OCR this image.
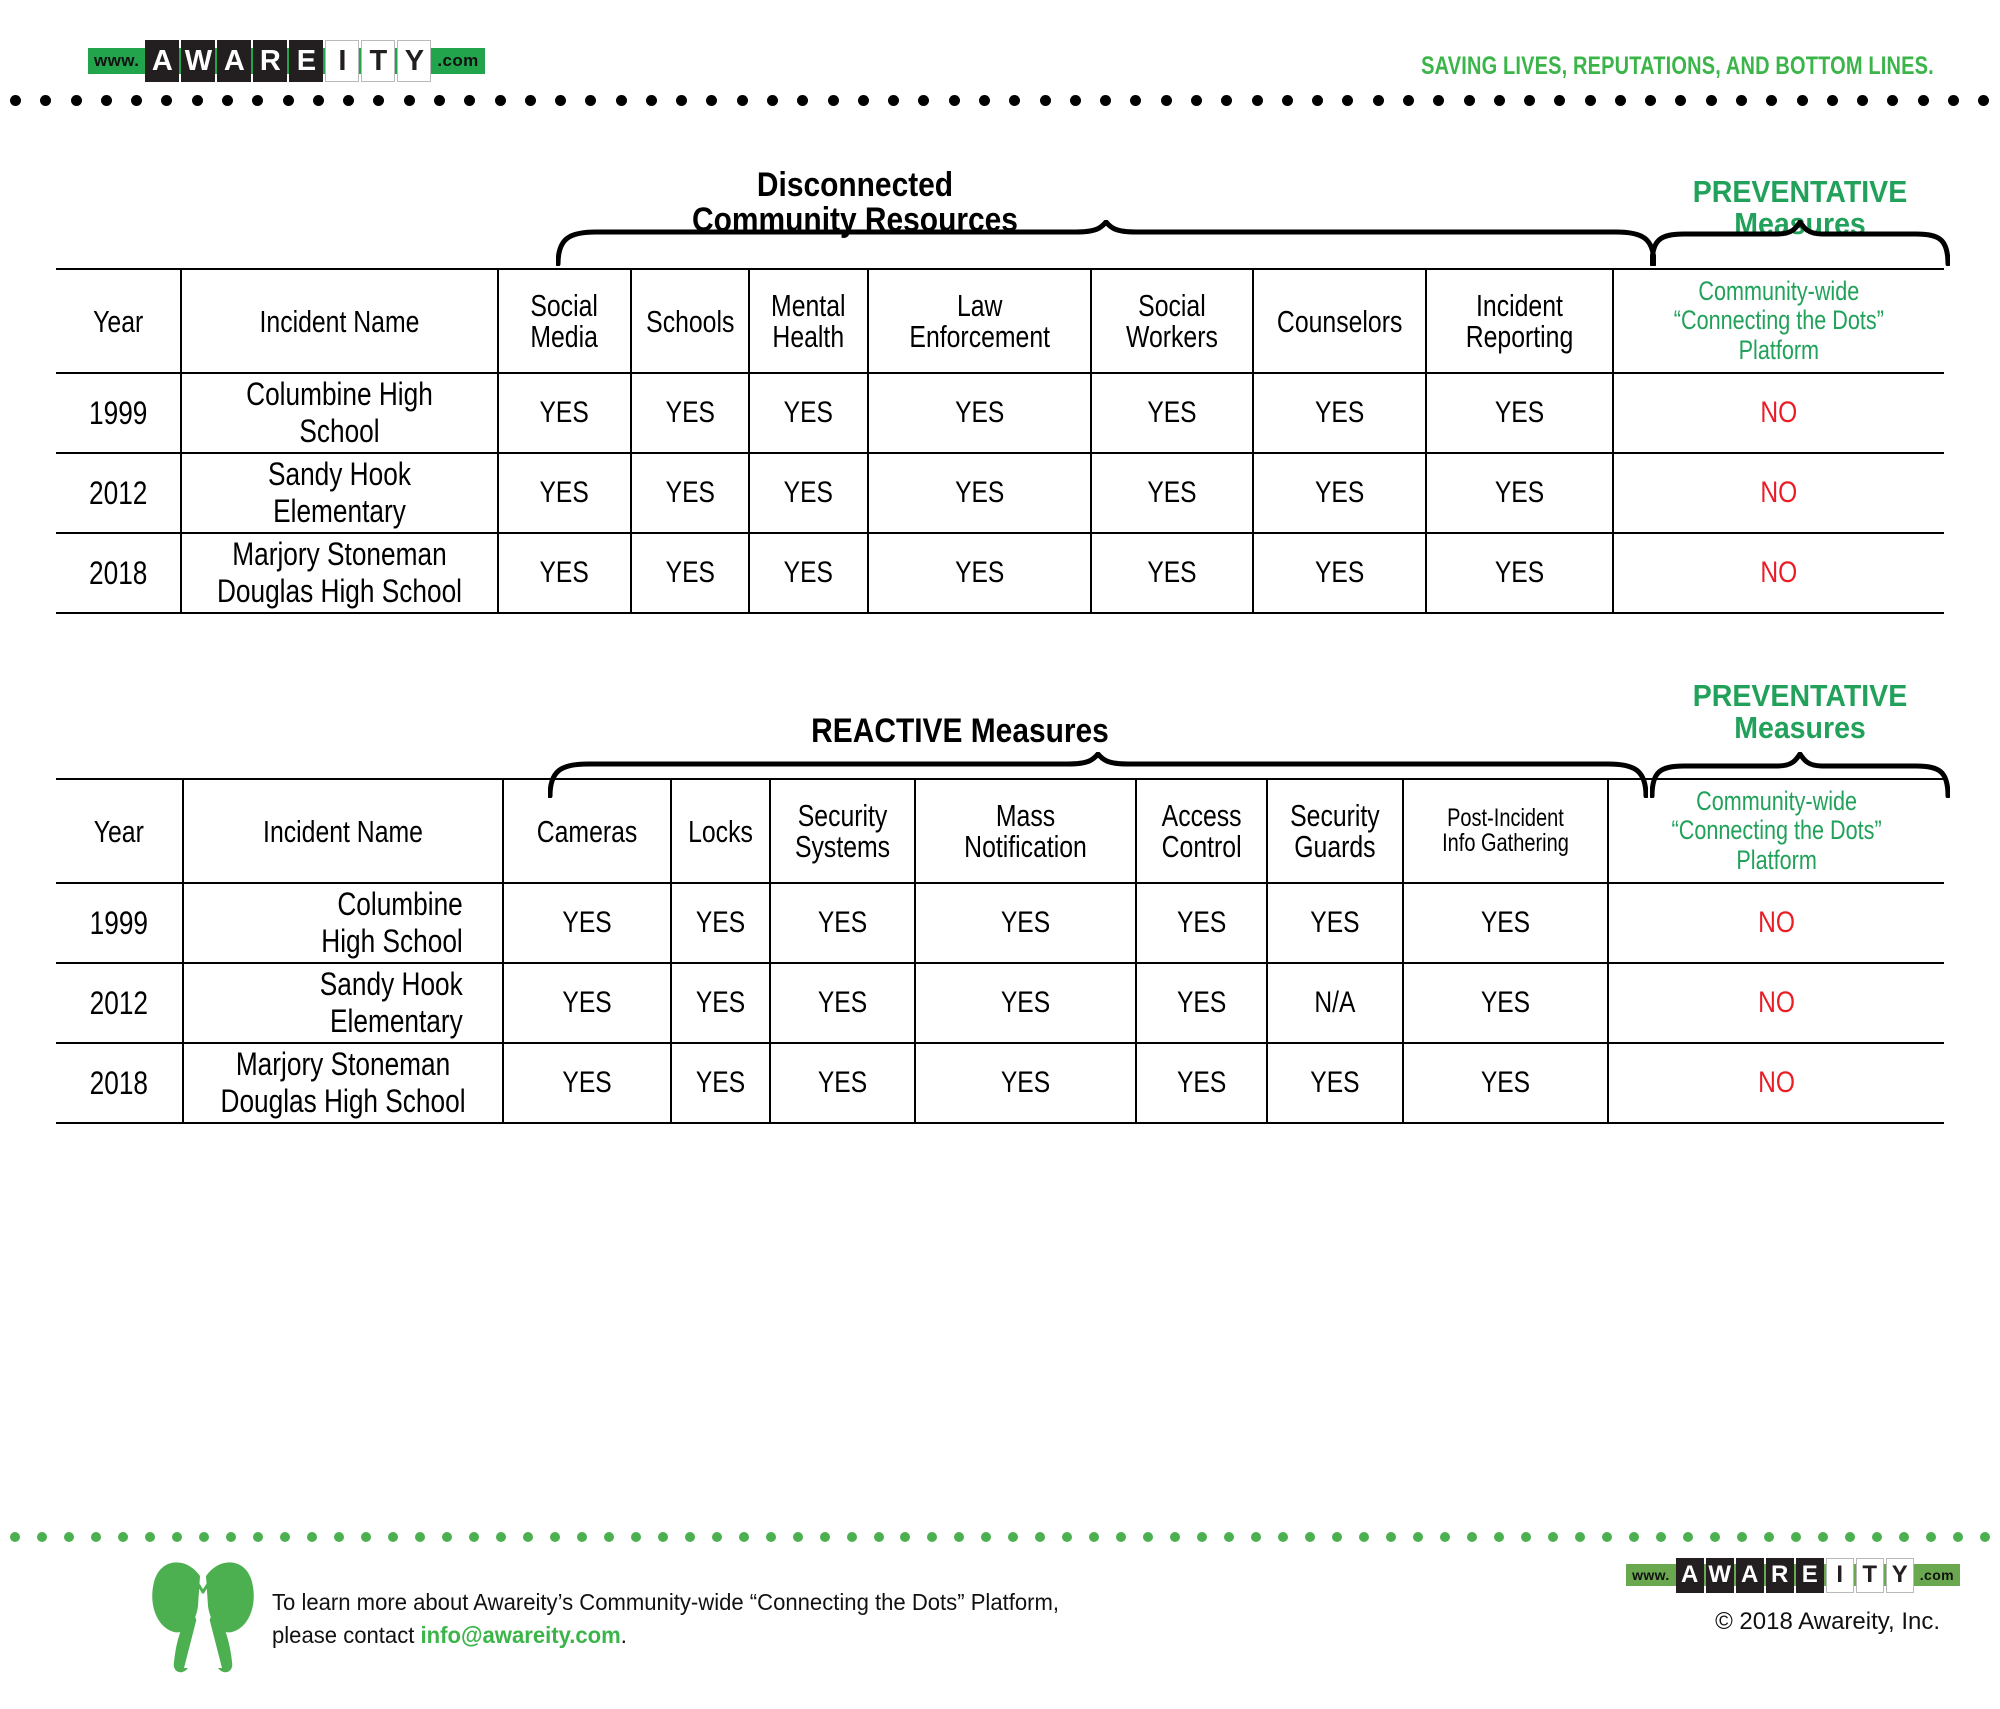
www. A W A R E I T Y .com	SAVING LIVES, REPUTATIONS, AND BOTTOM LINES.
Disconnected
Community Resources
PREVENTATIVE
Measures
Year	Incident Name	Social
Media	Schools	Mental
Health	Law
Enforcement	Social
Workers	Counselors	Incident
Reporting	Community-wide
“Connecting the Dots”
Platform

1999	Columbine High School	YES	YES	YES	YES	YES	YES	YES	NO

2012	Sandy Hook Elementary	YES	YES	YES	YES	YES	YES	YES	NO

2018	Marjory Stoneman
Douglas High School	YES	YES	YES	YES	YES	YES	YES	NO
REACTIVE Measures
PREVENTATIVE
Measures
Year	Incident Name	Cameras	Locks	Security
Systems	Mass
Notification	Access
Control	Security
Guards	Post-Incident
Info Gathering	Community-wide
“Connecting the Dots”
Platform

1999	Columbine
High School	YES	YES	YES	YES	YES	YES	YES	NO

2012	Sandy Hook
Elementary	YES	YES	YES	YES	YES	N/A	YES	NO

2018	Marjory Stoneman
Douglas High School	YES	YES	YES	YES	YES	YES	YES	NO
To learn more about Awareity’s Community-wide “Connecting the Dots” Platform,
please contact info@awareity.com.
www. A W A R E I T Y .com
© 2018 Awareity, Inc.
